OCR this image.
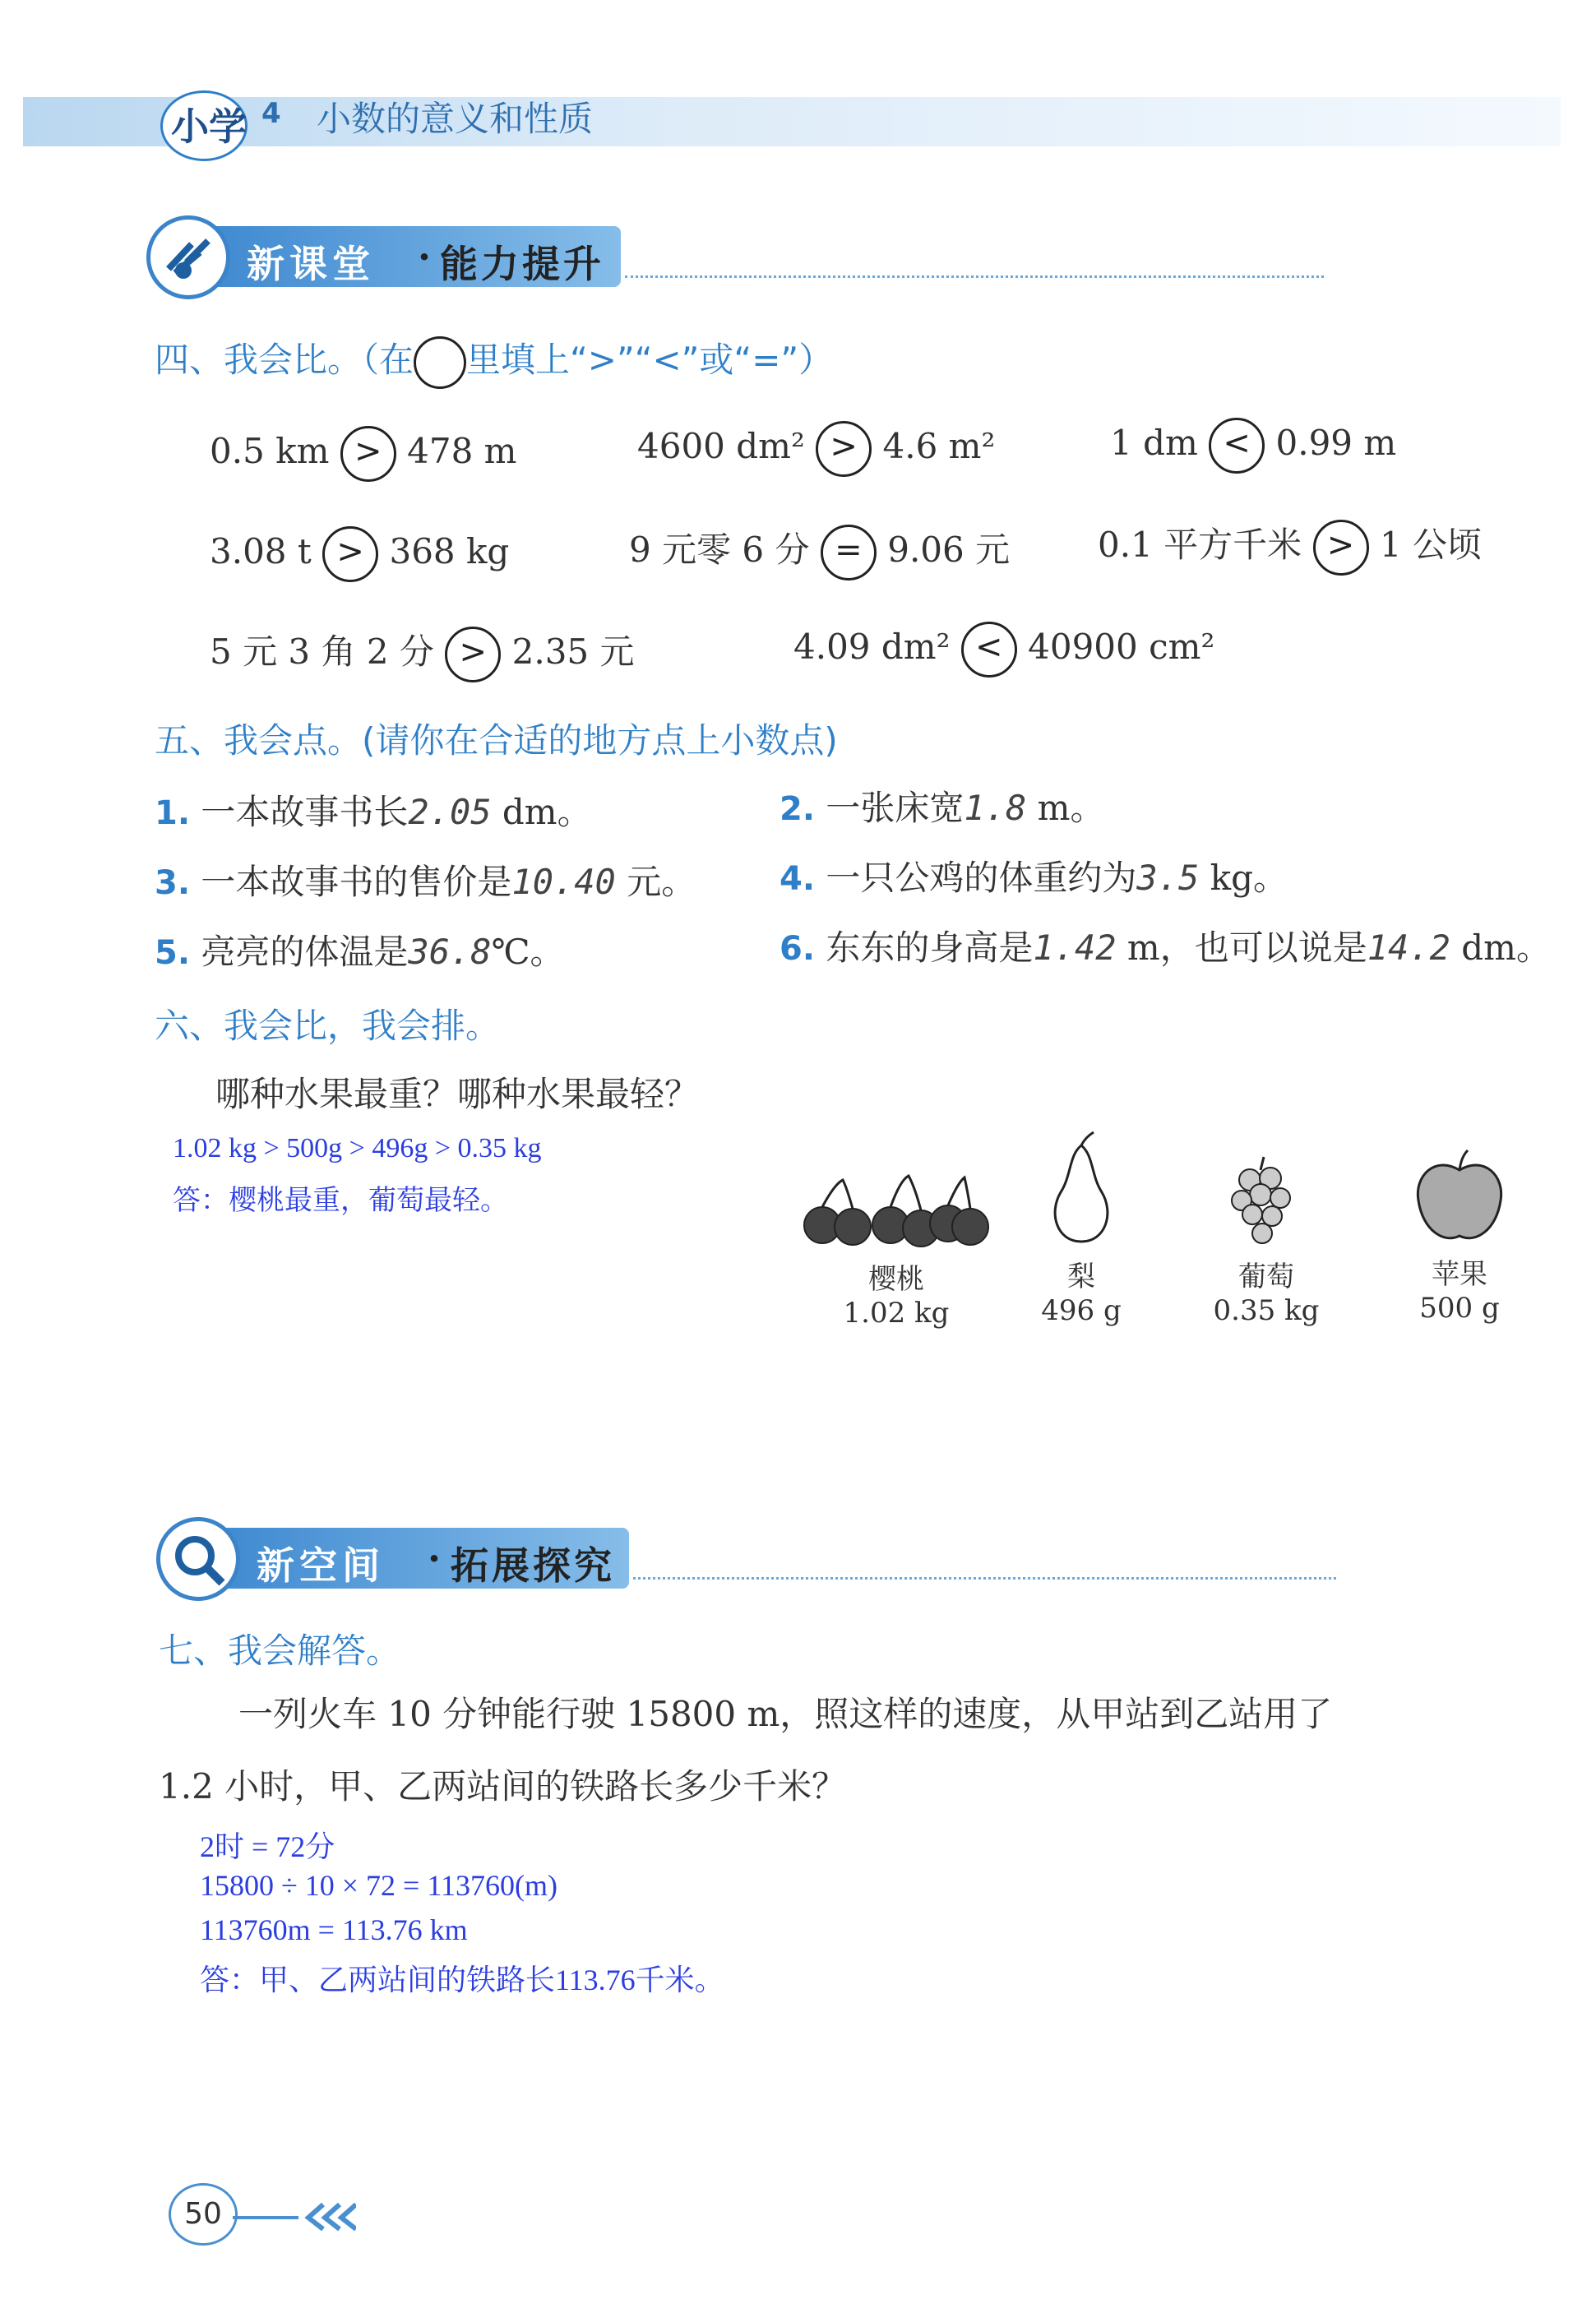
小学 4 小数的意义和性质
新课堂 · 能力提升
四、我会比。（在 里填上“>”“<”或“=”）
0.5 km > 478 m	4600 dm² > 4.6 m²	1 dm < 0.99 m
3.08 t > 368 kg	9 元零 6 分 = 9.06 元	0.1 平方千米 > 1 公顷
5 元 3 角 2 分 > 2.35 元	4.09 dm² < 40900 cm²
五、我会点。(请你在合适的地方点上小数点)
1. 一本故事书长2.05 dm。	2. 一张床宽1.8 m。
3. 一本故事书的售价是10.40 元。	4. 一只公鸡的体重约为3.5 kg。
5. 亮亮的体温是36.8℃。	6. 东东的身高是1.42 m，也可以说是14.2 dm。
六、我会比，我会排。
哪种水果最重？哪种水果最轻？
1.02 kg > 500g > 496g > 0.35 kg
答：樱桃最重，葡萄最轻。
樱桃
1.02 kg
梨
496 g
葡萄
0.35 kg
苹果
500 g
新空间 · 拓展探究
七、我会解答。
一列火车 10 分钟能行驶 15800 m，照这样的速度，从甲站到乙站用了
1.2 小时，甲、乙两站间的铁路长多少千米？
2时 = 72分
15800 ÷ 10 × 72 = 113760(m)
113760m = 113.76 km
答：甲、乙两站间的铁路长113.76千米。
50
